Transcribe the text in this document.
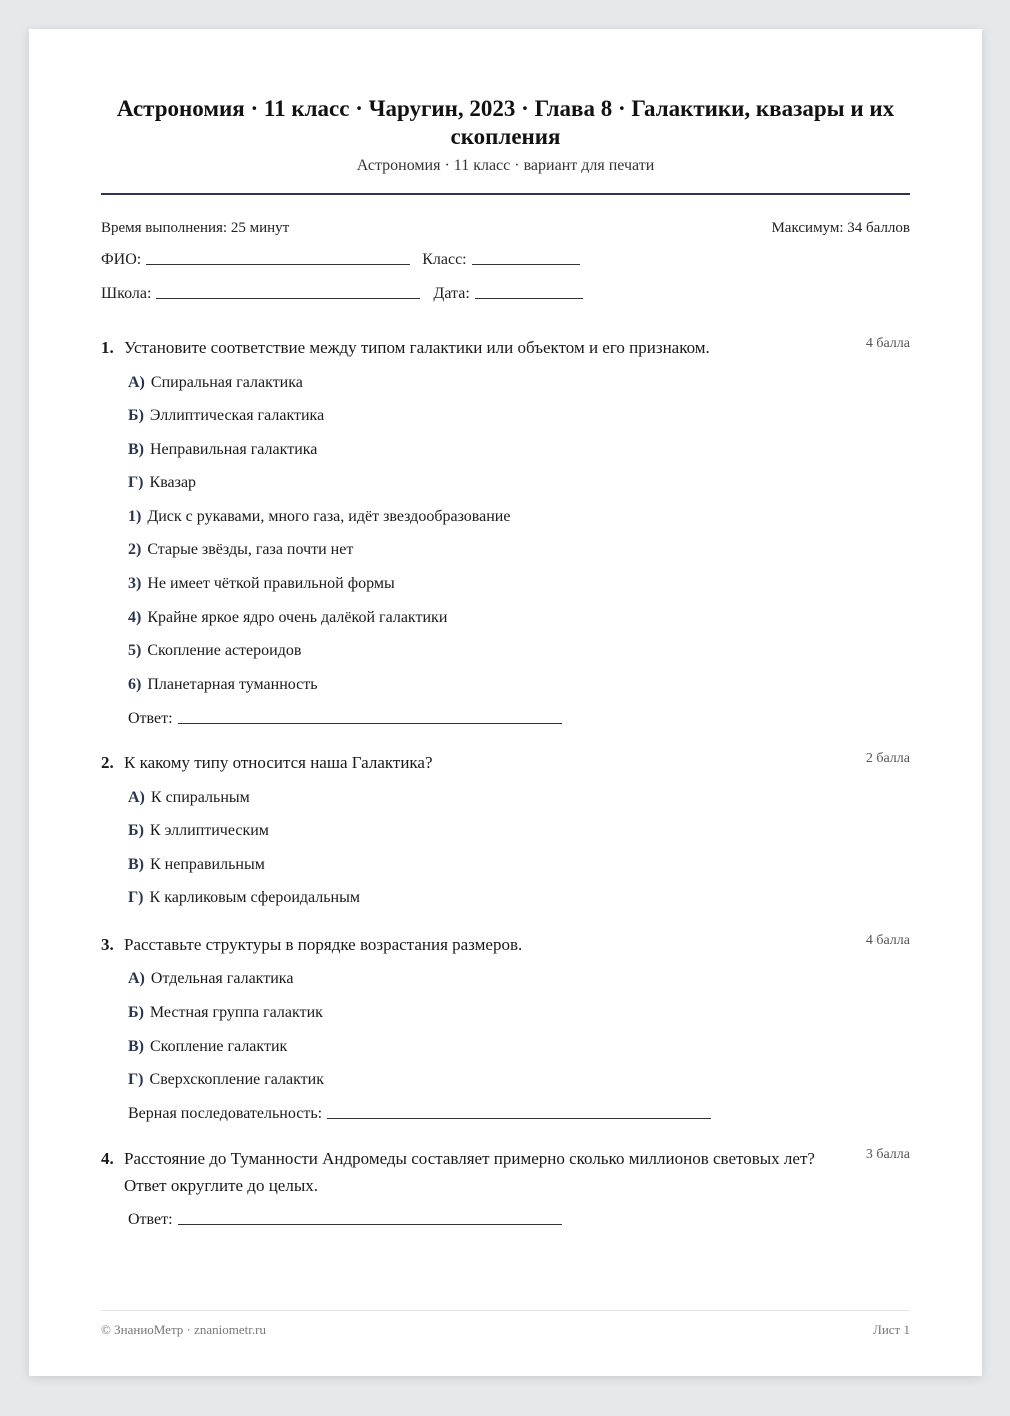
Астрономия · 11 класс · Чаругин, 2023 · Глава 8 · Галактики, квазары и их скопления
Астрономия · 11 класс · вариант для печати
Время выполнения: 25 минут	Максимум: 34 баллов
ФИО:	Класс:
Школа:	Дата:
1. Установите соответствие между типом галактики или объектом и его признаком.	4 балла
А) Спиральная галактика
Б) Эллиптическая галактика
В) Неправильная галактика
Г) Квазар
1) Диск с рукавами, много газа, идёт звездообразование
2) Старые звёзды, газа почти нет
3) Не имеет чёткой правильной формы
4) Крайне яркое ядро очень далёкой галактики
5) Скопление астероидов
6) Планетарная туманность
Ответ:
2. К какому типу относится наша Галактика?	2 балла
А) К спиральным
Б) К эллиптическим
В) К неправильным
Г) К карликовым сфероидальным
3. Расставьте структуры в порядке возрастания размеров.	4 балла
А) Отдельная галактика
Б) Местная группа галактик
В) Скопление галактик
Г) Сверхскопление галактик
Верная последовательность:
4. Расстояние до Туманности Андромеды составляет примерно сколько миллионов световых лет? Ответ округлите до целых.
3 балла
Ответ:
© ЗнаниоМетр · znaniometr.ru	Лист 1
